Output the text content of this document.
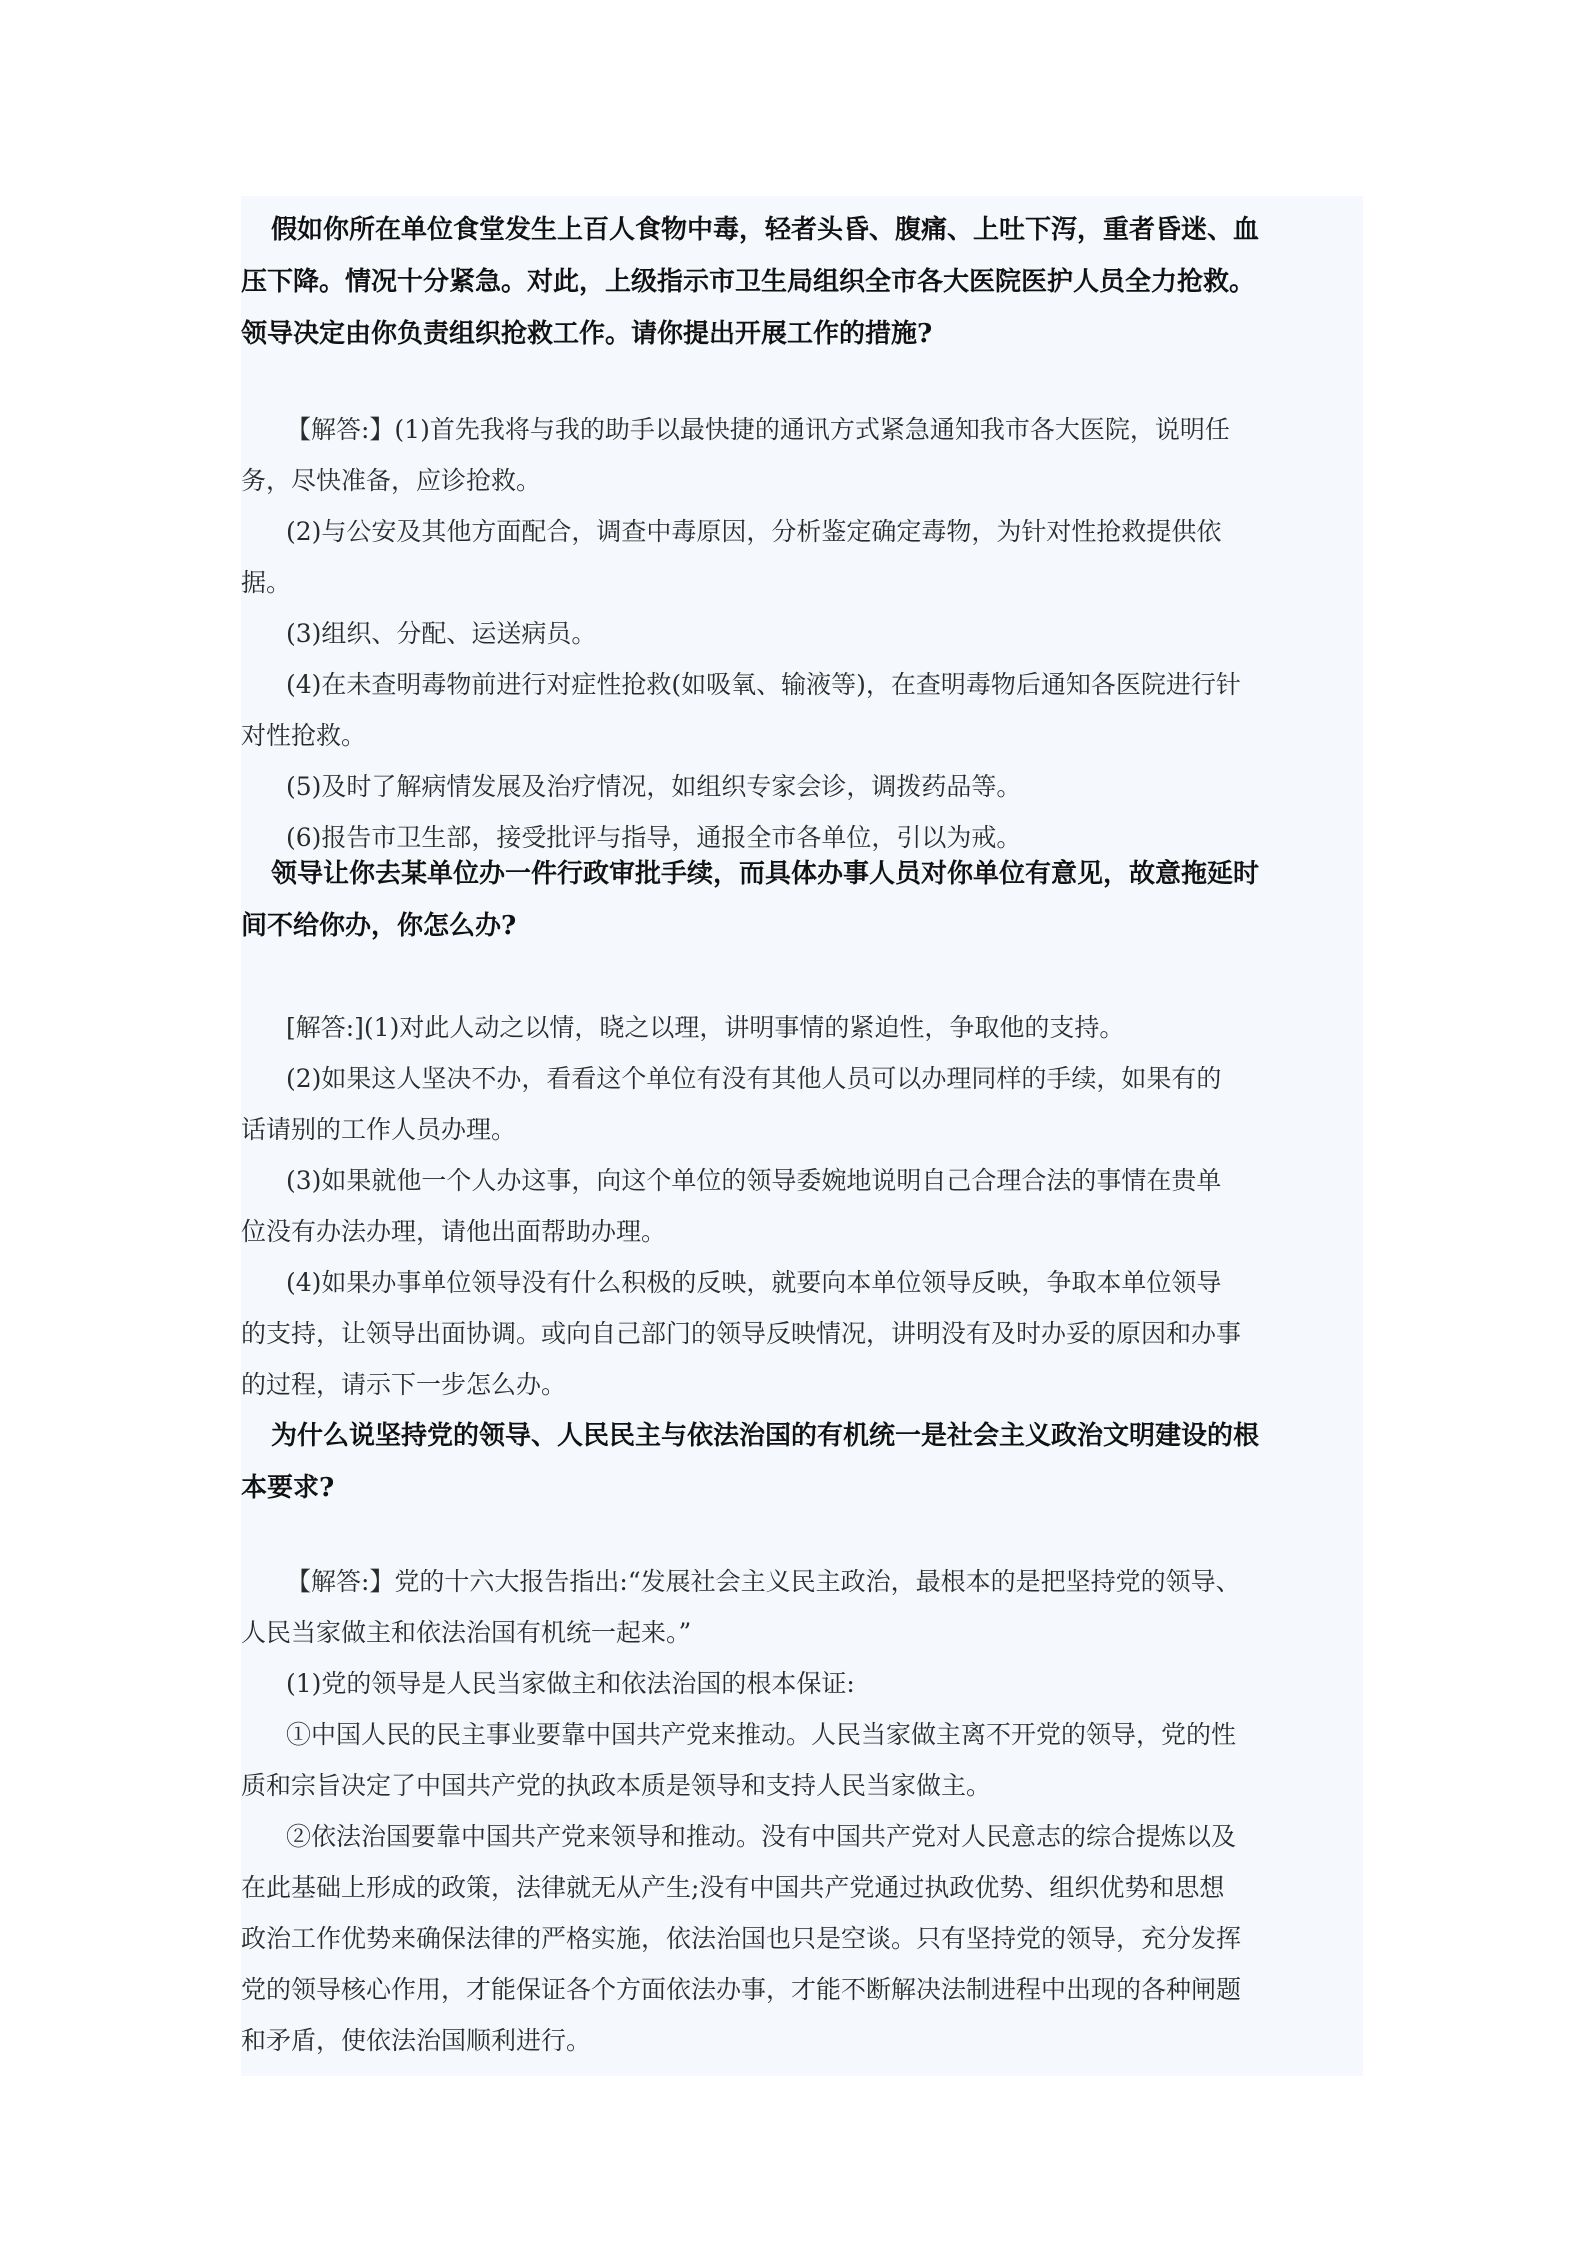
假如你所在单位食堂发生上百人食物中毒，轻者头昏、腹痛、上吐下泻，重者昏迷、血
压下降。情况十分紧急。对此，上级指示市卫生局组织全市各大医院医护人员全力抢救。
领导决定由你负责组织抢救工作。请你提出开展工作的措施?
【解答:】(1)首先我将与我的助手以最快捷的通讯方式紧急通知我市各大医院，说明任
务，尽快准备，应诊抢救。
(2)与公安及其他方面配合，调查中毒原因，分析鉴定确定毒物，为针对性抢救提供依
据。
(3)组织、分配、运送病员。
(4)在未查明毒物前进行对症性抢救(如吸氧、输液等)，在查明毒物后通知各医院进行针
对性抢救。
(5)及时了解病情发展及治疗情况，如组织专家会诊，调拨药品等。
(6)报告市卫生部，接受批评与指导，通报全市各单位，引以为戒。
领导让你去某单位办一件行政审批手续，而具体办事人员对你单位有意见，故意拖延时
间不给你办，你怎么办?
[解答:](1)对此人动之以情，晓之以理，讲明事情的紧迫性，争取他的支持。
(2)如果这人坚决不办，看看这个单位有没有其他人员可以办理同样的手续，如果有的
话请别的工作人员办理。
(3)如果就他一个人办这事，向这个单位的领导委婉地说明自己合理合法的事情在贵单
位没有办法办理，请他出面帮助办理。
(4)如果办事单位领导没有什么积极的反映，就要向本单位领导反映，争取本单位领导
的支持，让领导出面协调。或向自己部门的领导反映情况，讲明没有及时办妥的原因和办事
的过程，请示下一步怎么办。
为什么说坚持党的领导、人民民主与依法治国的有机统一是社会主义政治文明建设的根
本要求?
【解答:】党的十六大报告指出:“发展社会主义民主政治，最根本的是把坚持党的领导、
人民当家做主和依法治国有机统一起来。”
(1)党的领导是人民当家做主和依法治国的根本保证:
①中国人民的民主事业要靠中国共产党来推动。人民当家做主离不开党的领导，党的性
质和宗旨决定了中国共产党的执政本质是领导和支持人民当家做主。
②依法治国要靠中国共产党来领导和推动。没有中国共产党对人民意志的综合提炼以及
在此基础上形成的政策，法律就无从产生;没有中国共产党通过执政优势、组织优势和思想
政治工作优势来确保法律的严格实施，依法治国也只是空谈。只有坚持党的领导，充分发挥
党的领导核心作用，才能保证各个方面依法办事，才能不断解决法制进程中出现的各种闸题
和矛盾，使依法治国顺利进行。
